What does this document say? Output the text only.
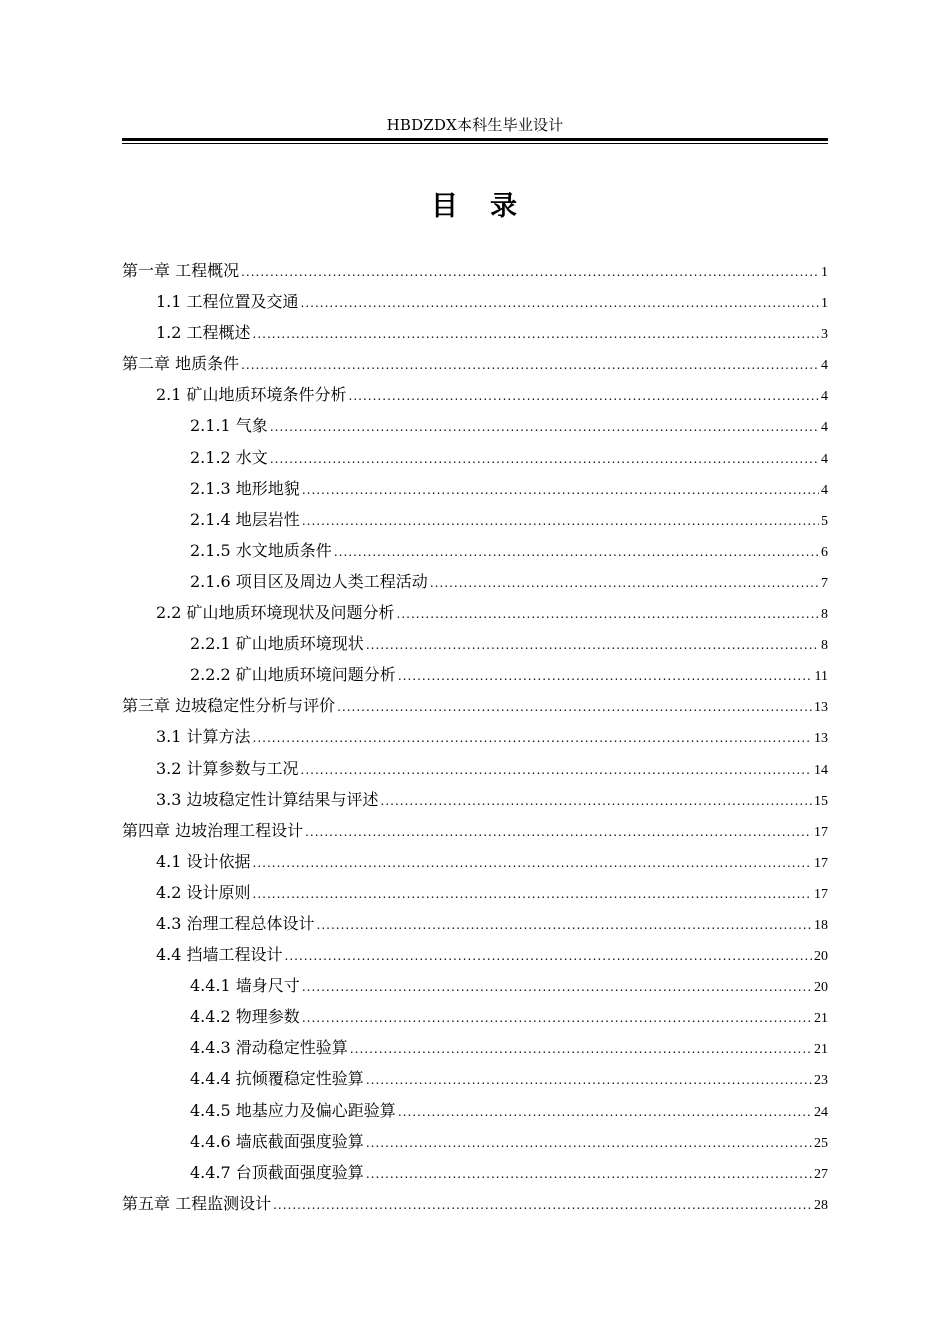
HBDZDX本科生毕业设计
目 录
第一章 工程概况 .....	1
1.1 工程位置及交通 .....	1
1.2 工程概述 .....	3
第二章 地质条件 .....	4
2.1 矿山地质环境条件分析 .....	4
2.1.1 气象 .....	4
2.1.2 水文 .....	4
2.1.3 地形地貌 .....	4
2.1.4 地层岩性 .....	5
2.1.5 水文地质条件 .....	6
2.1.6 项目区及周边人类工程活动 .....	7
2.2 矿山地质环境现状及问题分析 .....	8
2.2.1 矿山地质环境现状 .....	8
2.2.2 矿山地质环境问题分析 .....	11
第三章 边坡稳定性分析与评价 .....	13
3.1 计算方法 .....	13
3.2 计算参数与工况 .....	14
3.3 边坡稳定性计算结果与评述 .....	15
第四章 边坡治理工程设计 .....	17
4.1 设计依据 .....	17
4.2 设计原则 .....	17
4.3 治理工程总体设计 .....	18
4.4 挡墙工程设计 .....	20
4.4.1 墙身尺寸 .....	20
4.4.2 物理参数 .....	21
4.4.3 滑动稳定性验算 .....	21
4.4.4 抗倾覆稳定性验算 .....	23
4.4.5 地基应力及偏心距验算 .....	24
4.4.6 墙底截面强度验算 .....	25
4.4.7 台顶截面强度验算 .....	27
第五章 工程监测设计 .....	28
